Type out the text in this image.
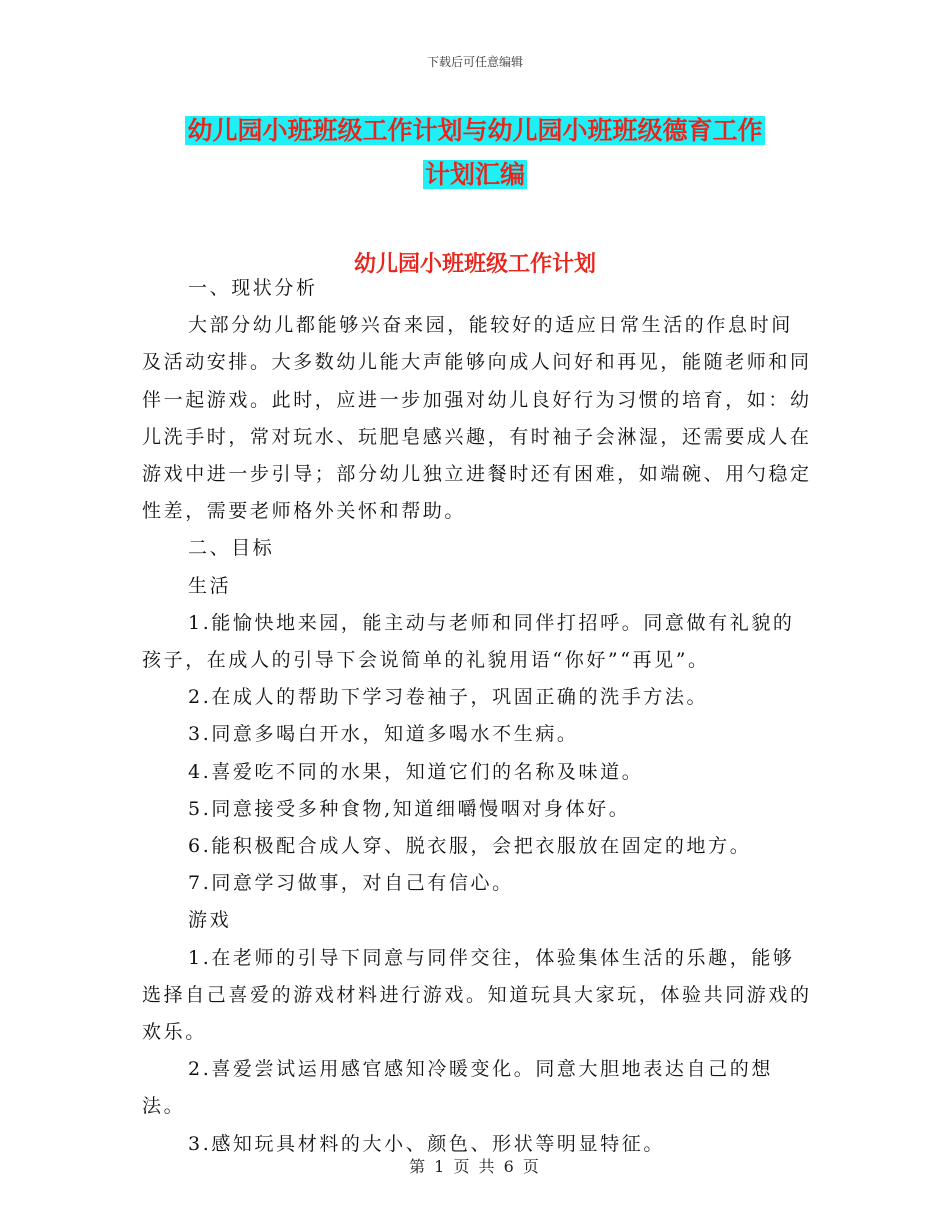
下载后可任意编辑
幼儿园小班班级工作计划与幼儿园小班班级德育工作
计划汇编
幼儿园小班班级工作计划

一、现状分析

大部分幼儿都能够兴奋来园，能较好的适应日常生活的作息时间及活动安排。大多数幼儿能大声能够向成人问好和再见，能随老师和同伴一起游戏。此时，应进一步加强对幼儿良好行为习惯的培育，如：幼儿洗手时，常对玩水、玩肥皂感兴趣，有时袖子会淋湿，还需要成人在游戏中进一步引导；部分幼儿独立进餐时还有困难，如端碗、用勺稳定性差，需要老师格外关怀和帮助。

二、目标

生活

1.能愉快地来园，能主动与老师和同伴打招呼。同意做有礼貌的孩子，在成人的引导下会说简单的礼貌用语“你好”“再见”。

2.在成人的帮助下学习卷袖子，巩固正确的洗手方法。

3.同意多喝白开水，知道多喝水不生病。

4.喜爱吃不同的水果，知道它们的名称及味道。

5.同意接受多种食物,知道细嚼慢咽对身体好。

6.能积极配合成人穿、脱衣服，会把衣服放在固定的地方。

7.同意学习做事，对自己有信心。

游戏

1.在老师的引导下同意与同伴交往，体验集体生活的乐趣，能够选择自己喜爱的游戏材料进行游戏。知道玩具大家玩，体验共同游戏的欢乐。

2.喜爱尝试运用感官感知冷暖变化。同意大胆地表达自己的想法。

3.感知玩具材料的大小、颜色、形状等明显特征。

第 1 页 共 6 页
